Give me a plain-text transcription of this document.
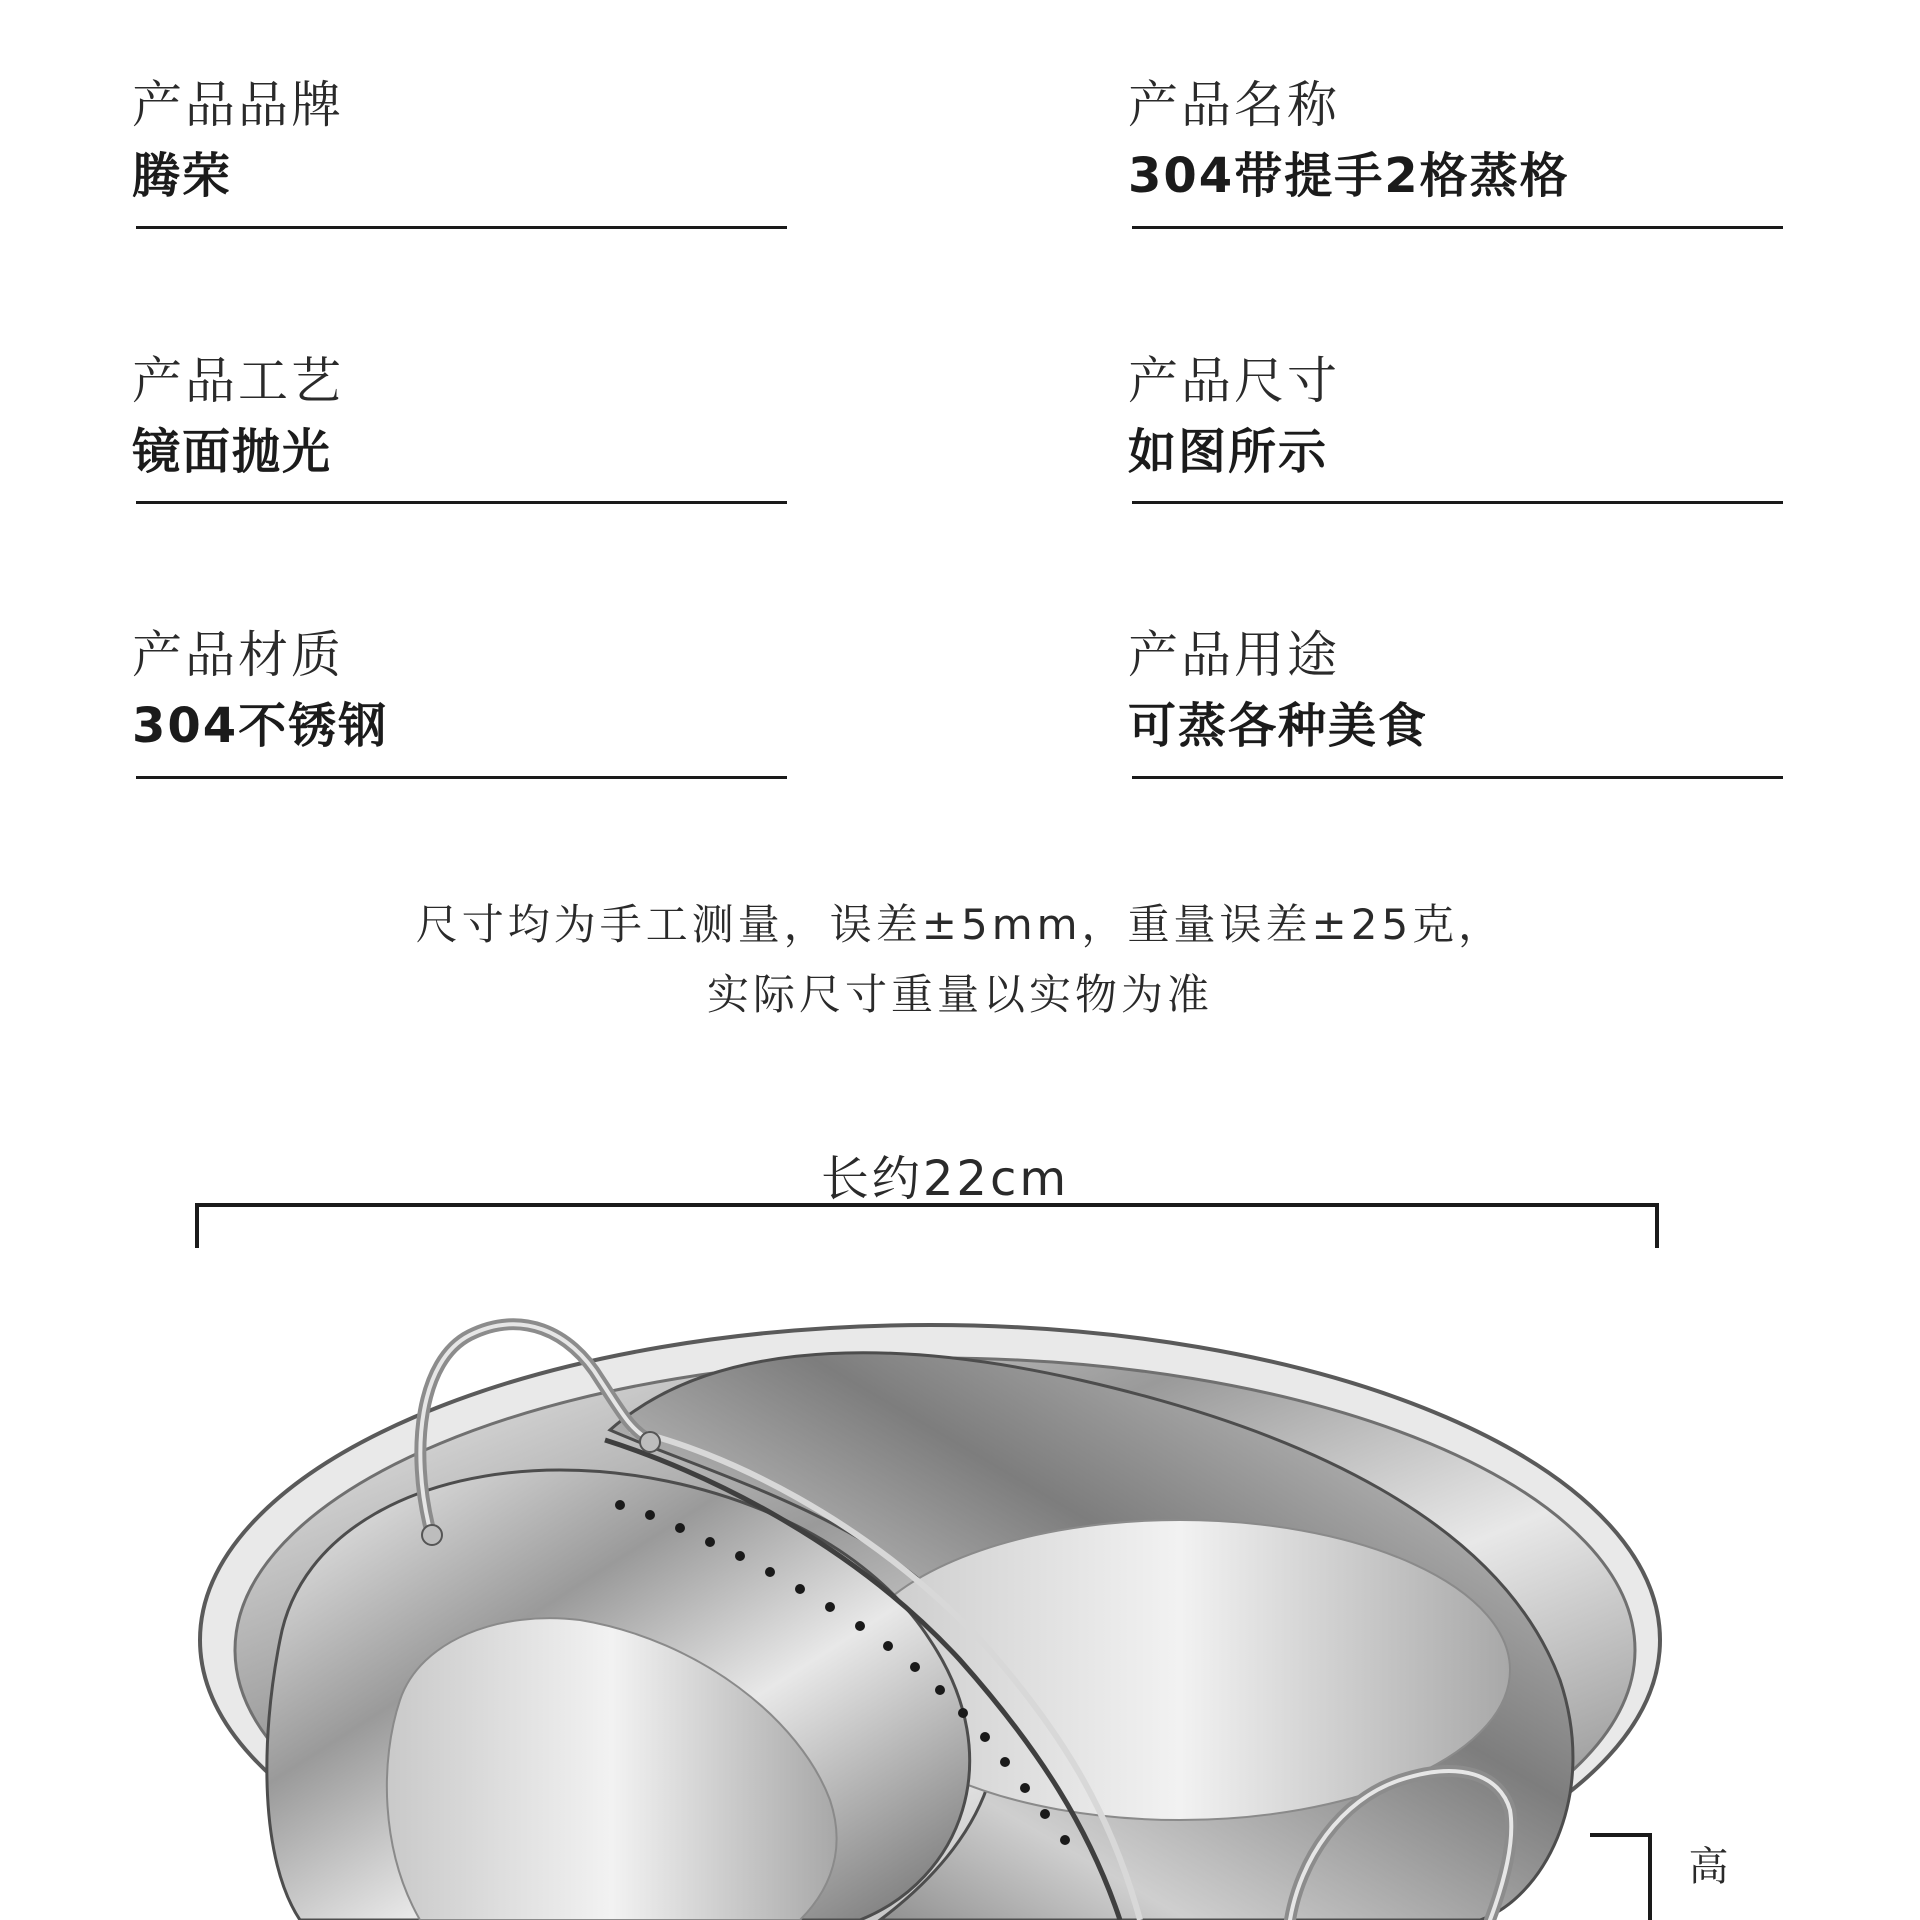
产品品牌
腾荣
产品名称
304带提手2格蒸格
产品工艺
镜面抛光
产品尺寸
如图所示
产品材质
304不锈钢
产品用途
可蒸各种美食
尺寸均为手工测量，误差±5mm，重量误差±25克，
实际尺寸重量以实物为准
长约22cm
高
